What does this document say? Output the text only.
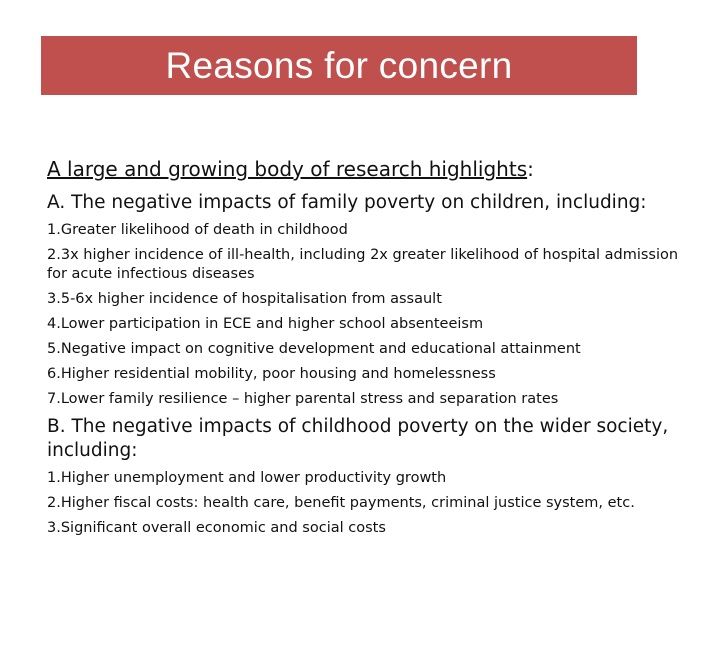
Reasons for concern

A large and growing body of research highlights:

A. The negative impacts of family poverty on children, including:

1.Greater likelihood of death in childhood
2.3x higher incidence of ill-health, including 2x greater likelihood of hospital admission for acute infectious diseases
3.5-6x higher incidence of hospitalisation from assault
4.Lower participation in ECE and higher school absenteeism
5.Negative impact on cognitive development and educational attainment
6.Higher residential mobility, poor housing and homelessness
7.Lower family resilience – higher parental stress and separation rates

B. The negative impacts of childhood poverty on the wider society, including:

1.Higher unemployment and lower productivity growth
2.Higher fiscal costs: health care, benefit payments, criminal justice system, etc.
3.Significant overall economic and social costs
